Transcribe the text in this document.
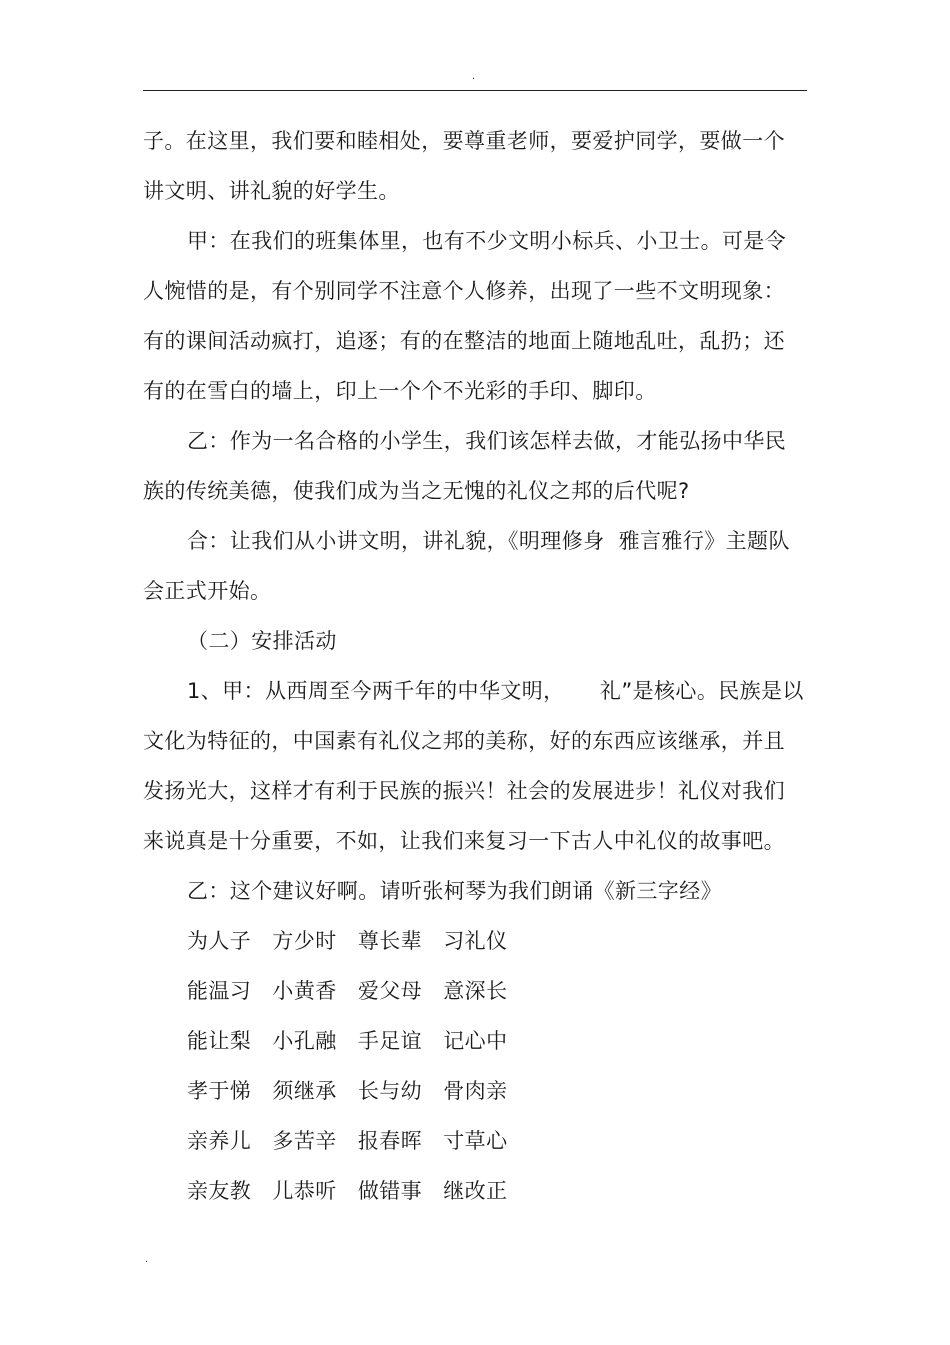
.
子。在这里，我们要和睦相处，要尊重老师，要爱护同学，要做一个
讲文明、讲礼貌的好学生。
甲：在我们的班集体里，也有不少文明小标兵、小卫士。可是令
人惋惜的是，有个别同学不注意个人修养，出现了一些不文明现象：
有的课间活动疯打，追逐；有的在整洁的地面上随地乱吐，乱扔；还
有的在雪白的墙上，印上一个个不光彩的手印、脚印。
乙：作为一名合格的小学生，我们该怎样去做，才能弘扬中华民
族的传统美德，使我们成为当之无愧的礼仪之邦的后代呢?
合：让我们从小讲文明，讲礼貌，《明理修身  雅言雅行》主题队
会正式开始。
（二）安排活动
1、甲：从西周至今两千年的中华文明，     礼”是核心。民族是以
文化为特征的，中国素有礼仪之邦的美称，好的东西应该继承，并且
发扬光大，这样才有利于民族的振兴！社会的发展进步！礼仪对我们
来说真是十分重要，不如，让我们来复习一下古人中礼仪的故事吧。
乙：这个建议好啊。请听张柯琴为我们朗诵《新三字经》
为人子   方少时   尊长辈   习礼仪
能温习   小黄香   爱父母   意深长
能让梨   小孔融   手足谊   记心中
孝于悌   须继承   长与幼   骨肉亲
亲养儿   多苦辛   报春晖   寸草心
亲友教   儿恭听   做错事   继改正
.
